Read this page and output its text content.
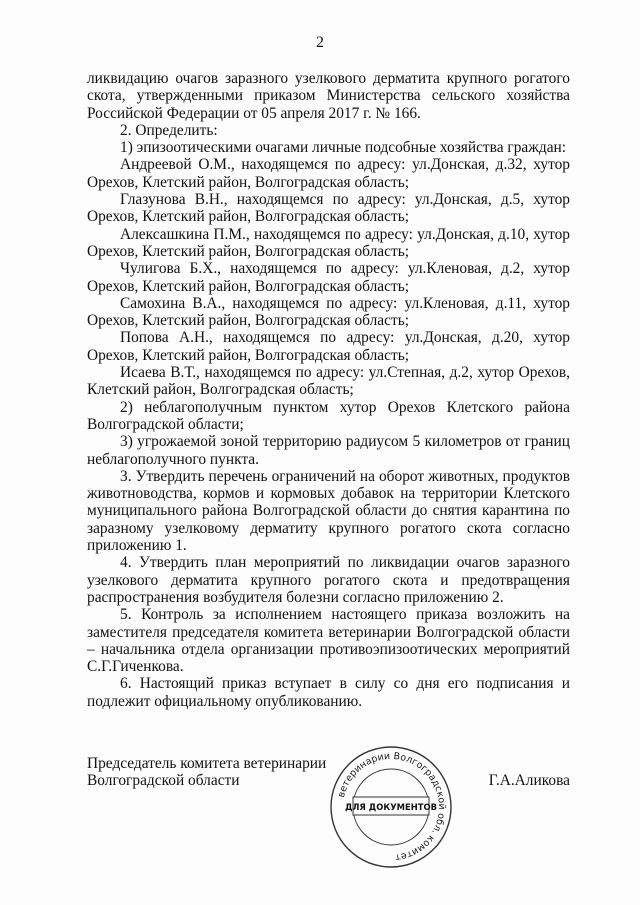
2

ликвидацию очагов заразного узелкового дерматита крупного рогатого скота, утвержденными приказом Министерства сельского хозяйства Российской Федерации от 05 апреля 2017 г. № 166.

2. Определить:

1) эпизоотическими очагами личные подсобные хозяйства граждан:

Андреевой О.М., находящемся по адресу: ул.Донская, д.32, хутор Орехов, Клетский район, Волгоградская область;

Глазунова В.Н., находящемся по адресу: ул.Донская, д.5, хутор Орехов, Клетский район, Волгоградская область;

Алексашкина П.М., находящемся по адресу: ул.Донская, д.10, хутор Орехов, Клетский район, Волгоградская область;

Чулигова Б.Х., находящемся по адресу: ул.Кленовая, д.2, хутор Орехов, Клетский район, Волгоградская область;

Самохина В.А., находящемся по адресу: ул.Кленовая, д.11, хутор Орехов, Клетский район, Волгоградская область;

Попова А.Н., находящемся по адресу: ул.Донская, д.20, хутор Орехов, Клетский район, Волгоградская область;

Исаева В.Т., находящемся по адресу: ул.Степная, д.2, хутор Орехов, Клетский район, Волгоградская область;

2) неблагополучным пунктом хутор Орехов Клетского района Волгоградской области;

3) угрожаемой зоной территорию радиусом 5 километров от границ неблагополучного пункта.

3. Утвердить перечень ограничений на оборот животных, продуктов животноводства, кормов и кормовых добавок на территории Клетского муниципального района Волгоградской области до снятия карантина по заразному узелковому дерматиту крупного рогатого скота согласно приложению 1.

4. Утвердить план мероприятий по ликвидации очагов заразного узелкового дерматита крупного рогатого скота и предотвращения распространения возбудителя болезни согласно приложению 2.

5. Контроль за исполнением настоящего приказа возложить на заместителя председателя комитета ветеринарии Волгоградской области – начальника отдела организации противоэпизоотических мероприятий С.Г.Гиченкова.

6. Настоящий приказ вступает в силу со дня его подписания и подлежит официальному опубликованию.

Председатель комитета ветеринарии
Волгоградской области	Г.А.Аликова
ветеринарии Волгоградской обл. комитет
ДЛЯ ДОКУМЕНТОВ
